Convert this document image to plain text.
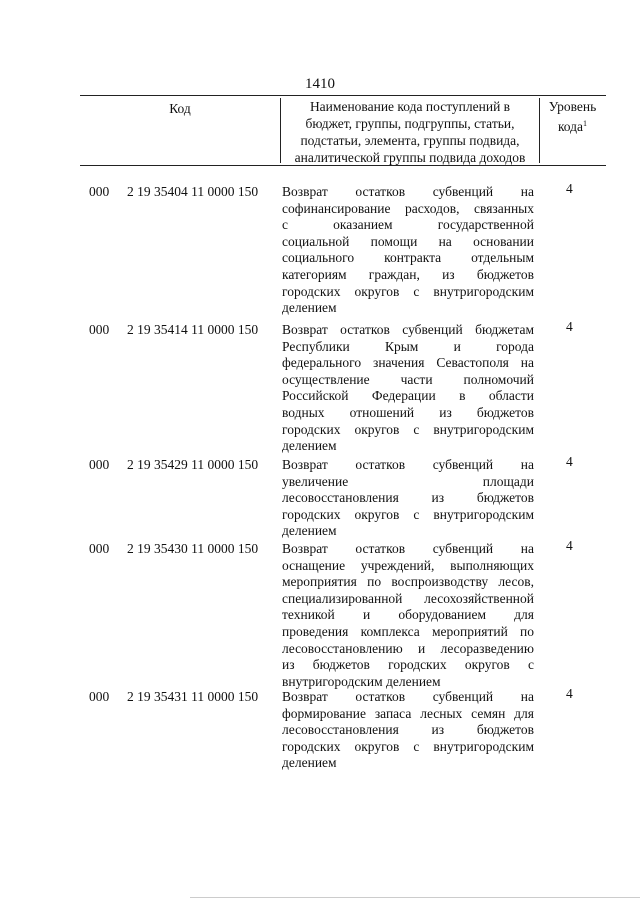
1410
Код	Наименование кода поступлений в
бюджет, группы, подгруппы, статьи,
подстатьи, элемента, группы подвида,
аналитической группы подвида доходов
Уровень
кода$^1$
000 2 19 35404 11 0000 150 Возврат остатков субвенций на
софинансирование расходов, связанных
с оказанием государственной
социальной помощи на основании
социального контракта отдельным
категориям граждан, из бюджетов
городских округов с внутригородским
делением
4
000 2 19 35414 11 0000 150 Возврат остатков субвенций бюджетам
Республики Крым и города
федерального значения Севастополя на
осуществление части полномочий
Российской Федерации в области
водных отношений из бюджетов
городских округов с внутригородским
делением
4
000 2 19 35429 11 0000 150 Возврат остатков субвенций на
увеличение площади
лесовосстановления из бюджетов
городских округов с внутригородским
делением
4
000 2 19 35430 11 0000 150 Возврат остатков субвенций на
оснащение учреждений, выполняющих
мероприятия по воспроизводству лесов,
специализированной лесохозяйственной
техникой и оборудованием для
проведения комплекса мероприятий по
лесовосстановлению и лесоразведению
из бюджетов городских округов с
внутригородским делением
4
000 2 19 35431 11 0000 150 Возврат остатков субвенций на
формирование запаса лесных семян для
лесовосстановления из бюджетов
городских округов с внутригородским
делением
4
